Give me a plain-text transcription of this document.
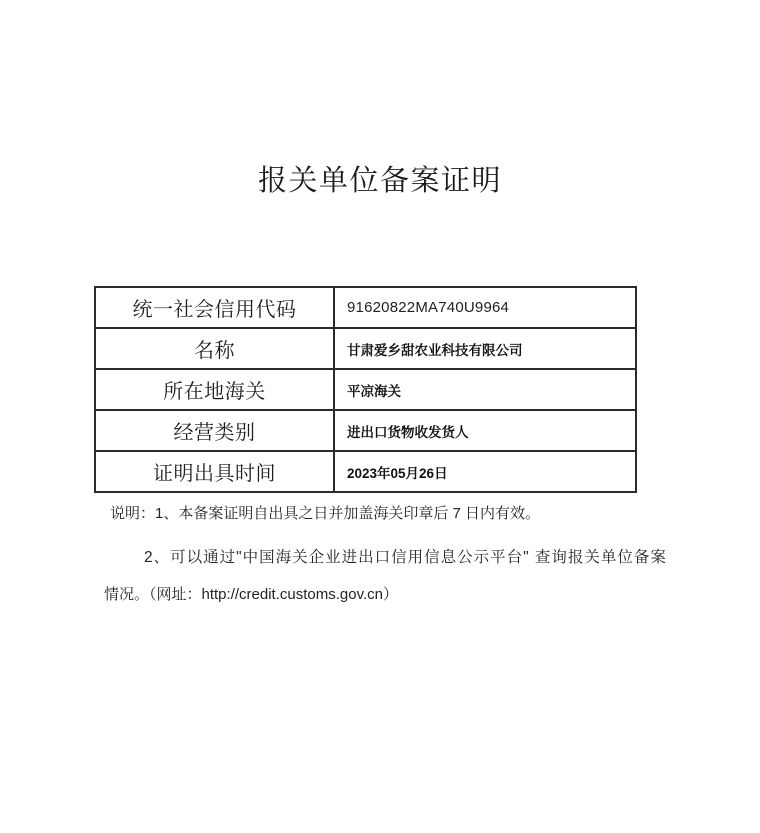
报关单位备案证明
统一社会信用代码	91620822MA740U9964
名称	甘肃爱乡甜农业科技有限公司
所在地海关	平凉海关
经营类别	进出口货物收发货人
证明出具时间	2023年05月26日

说明：1、本备案证明自出具之日并加盖海关印章后 7 日内有效。

2、可以通过"中国海关企业进出口信用信息公示平台" 查询报关单位备案

情况。（网址：http://credit.customs.gov.cn）
